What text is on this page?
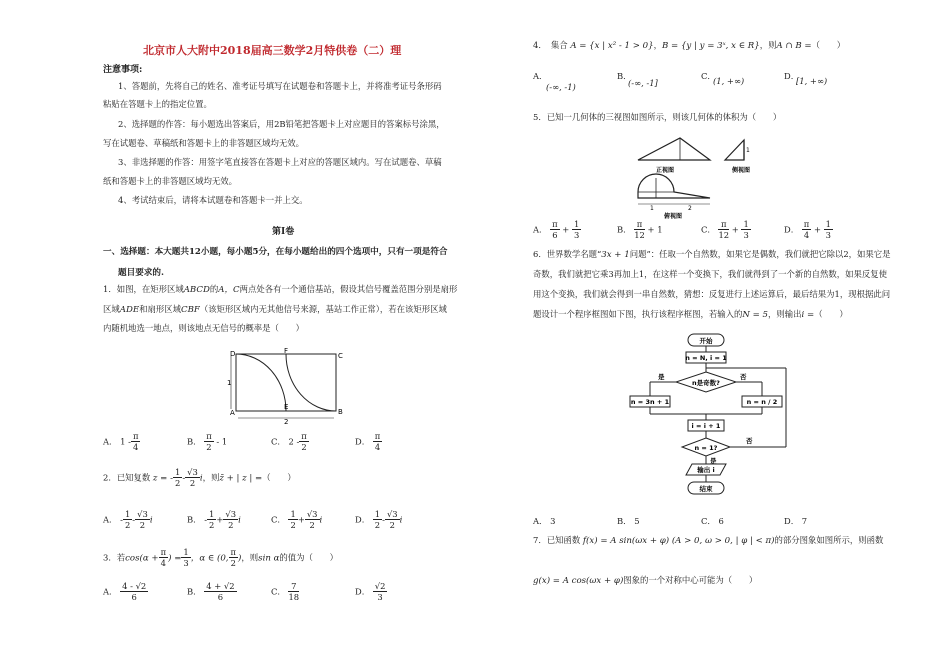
北京市人大附中2018届高三数学2月特供卷（二）理
注意事项:
1、答题前，先将自己的姓名、准考证号填写在试题卷和答题卡上，并将准考证号条形码
粘贴在答题卡上的指定位置。
2、选择题的作答：每小题选出答案后，用2B铅笔把答题卡上对应题目的答案标号涂黑，
写在试题卷、草稿纸和答题卡上的非答题区域均无效。
3、非选择题的作答：用签字笔直接答在答题卡上对应的答题区域内。写在试题卷、草稿
纸和答题卡上的非答题区域均无效。
4、考试结束后，请将本试题卷和答题卡一并上交。
第Ⅰ卷
一、选择题：本大题共12小题，每小题5分，在每小题给出的四个选项中，只有一项是符合
题目要求的.
1．如图，在矩形区域ABCD的A，C两点处各有一个通信基站，假设其信号覆盖范围分别是扇形
区域ADE和扇形区域CBF（该矩形区域内无其他信号来源，基站工作正常），若在该矩形区域
内随机地选一地点，则该地点无信号的概率是（　　）
D	F
C
1
A
E
B
2
A． $1 - \frac{\pi}{4}$	B． $\frac{\pi}{2} - 1$	C． $2 - \frac{\pi}{2}$	D． $\frac{\pi}{4}$
2．已知复数 z = - $\frac{1}{2} - \frac{√3}{2}$ i，则z̄ + | z | =（　　）
A． - $\frac{1}{2} - \frac{√3}{2}$ i	B． - $\frac{1}{2} + \frac{√3}{2}$ i	C． $\frac{1}{2} + \frac{√3}{2}$ i	D． $\frac{1}{2} - \frac{√3}{2}$ i
3．若$\cos(\alpha + \frac{\pi}{4}$ ) = $\frac{1}{3}$ ，α ∈ (0, $\frac{\pi}{2}$ )，则sin α的值为（　　）
A． $\frac{4 - √2}{6}$	B． $\frac{4 + √2}{6}$	C． $\frac{7}{18}$	D． $\frac{√2}{3}$
4．　集合 A = {x | x² - 1 > 0}，B = {y | y = 3ˣ, x ∈ R}，则A ∩ B =（　　）
A．
(-∞, -1)
B．
(-∞, -1]
C．
(1, +∞)	D．
[1, +∞)
5．已知一几何体的三视图如图所示，则该几何体的体积为（　　）
正视图	侧视图
1
1	2
俯视图
A． $\frac{\pi}{6} + \frac{1}{3}$	B． $\frac{\pi}{12} + 1$	C． $\frac{\pi}{12} + \frac{1}{3}$	D． $\frac{\pi}{4} + \frac{1}{3}$
6．世界数学名题“3x + 1问题”：任取一个自然数，如果它是偶数，我们就把它除以2，如果它是
奇数，我们就把它乘3再加上1，在这样一个变换下，我们就得到了一个新的自然数，如果反复使
用这个变换，我们就会得到一串自然数，猜想：反复进行上述运算后，最后结果为1，现根据此问
题设计一个程序框图如下图，执行该程序框图，若输入的N = 5，则输出i =（　　）
开始
n = N, i = 1
n是奇数?
是	否
n = 3n + 1	n = n / 2
i = i + 1
n = 1?
否
是
输出 i
结束
A． 3	B． 5	C． 6	D． 7
7．已知函数 f(x) = A sin(ωx + φ) (A > 0, ω > 0, | φ | < π)的部分图象如图所示，则函数
g(x) = A cos(ωx + φ)图象的一个对称中心可能为（　　）
